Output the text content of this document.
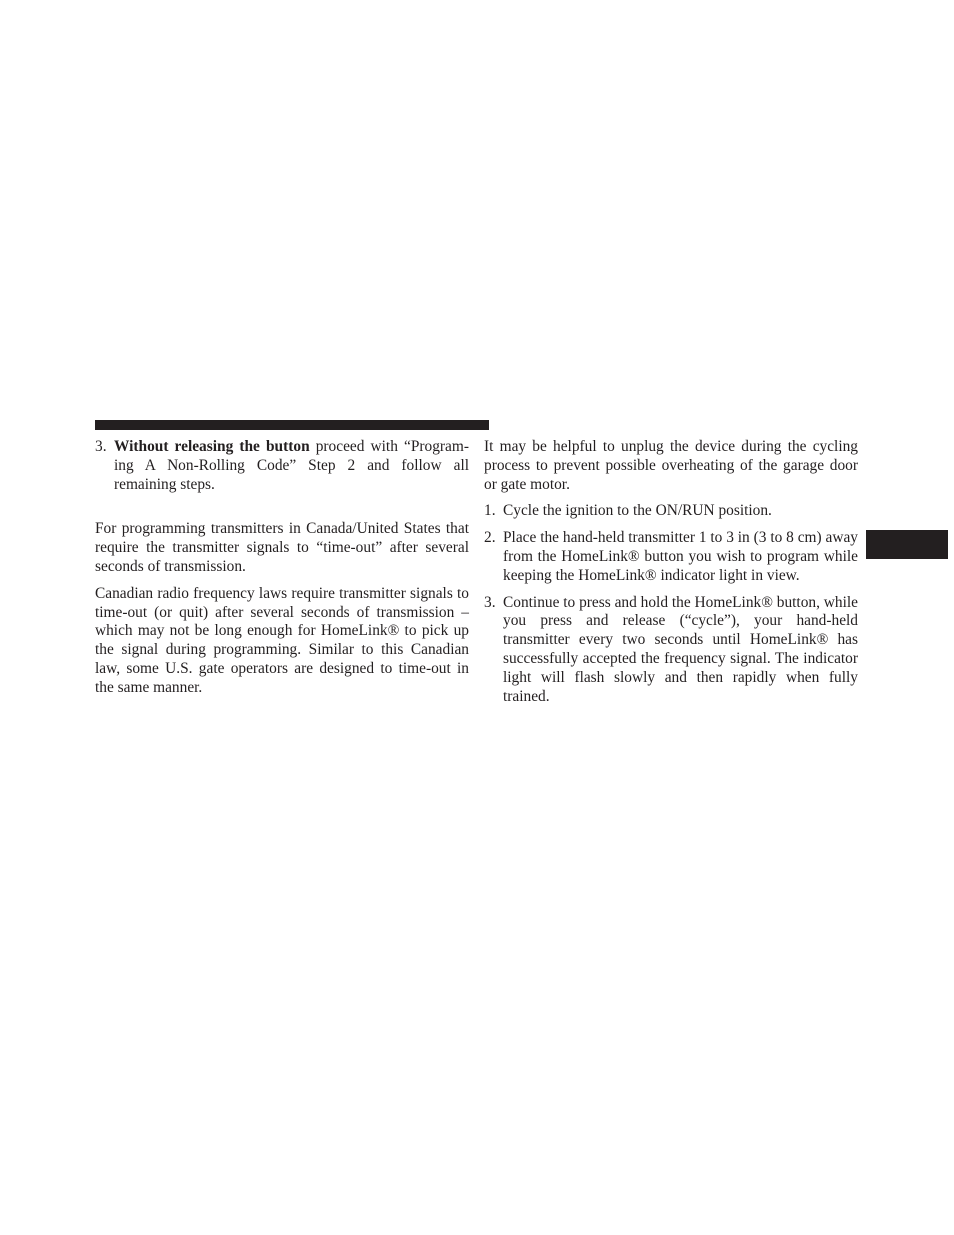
3. Without releasing the button proceed with “Programing A Non-Rolling Code” Step 2 and follow all remaining steps.

For programming transmitters in Canada/United States that require the transmitter signals to “time-out” after several seconds of transmission.

Canadian radio frequency laws require transmitter signals to time-out (or quit) after several seconds of transmission – which may not be long enough for HomeLink® to pick up the signal during programming. Similar to this Canadian law, some U.S. gate operators are designed to time-out in the same manner.

It may be helpful to unplug the device during the cycling process to prevent possible overheating of the garage door or gate motor.

1. Cycle the ignition to the ON/RUN position.
2. Place the hand-held transmitter 1 to 3 in (3 to 8 cm) away from the HomeLink® button you wish to program while keeping the HomeLink® indicator light in view.
3. Continue to press and hold the HomeLink® button, while you press and release (“cycle”), your hand-held transmitter every two seconds until HomeLink® has successfully accepted the frequency signal. The indicator light will flash slowly and then rapidly when fully trained.
